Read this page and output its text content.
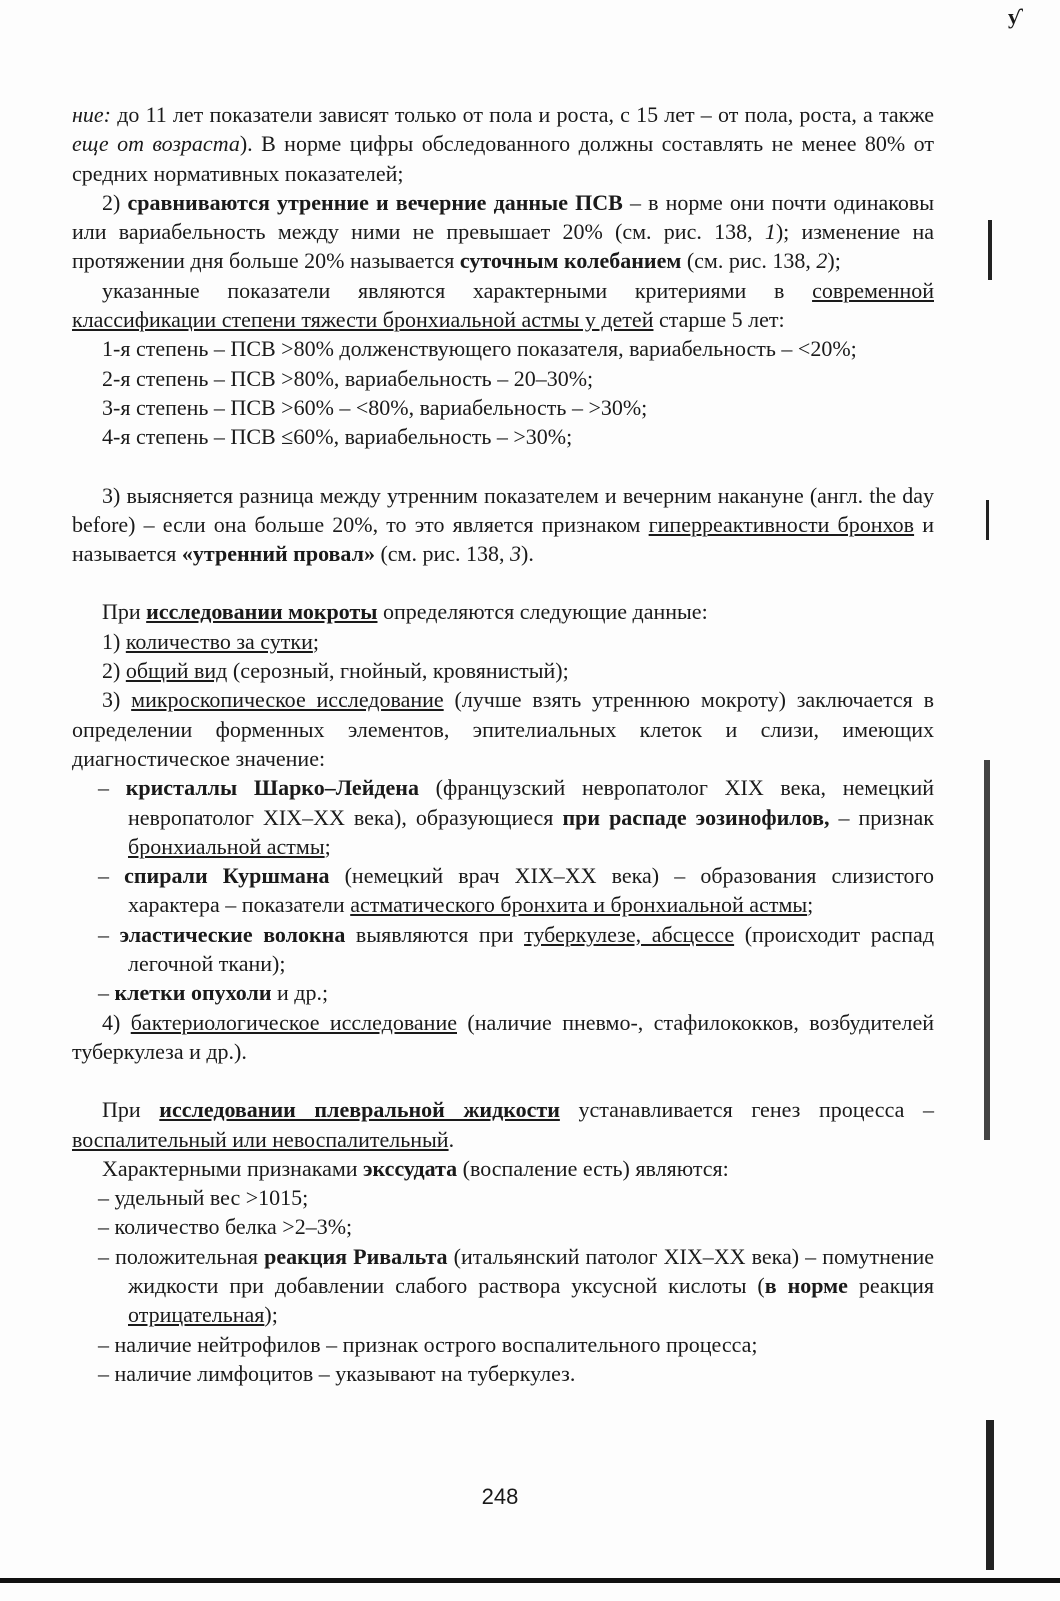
ƴ

ние: до 11 лет показатели зависят только от пола и роста, с 15 лет – от пола, роста, а также еще от возраста). В норме цифры обследованного должны составлять не менее 80% от средних нормативных показателей;

2) сравниваются утренние и вечерние данные ПСВ – в норме они почти одинаковы или вариабельность между ними не превышает 20% (см. рис. 138, 1); изменение на протяжении дня больше 20% называется суточным колебанием (см. рис. 138, 2);

указанные показатели являются характерными критериями в современной классификации степени тяжести бронхиальной астмы у детей старше 5 лет:

1-я степень – ПСВ >80% долженствующего показателя, вариабельность – <20%;

2-я степень – ПСВ >80%, вариабельность – 20–30%;

3-я степень – ПСВ >60% – <80%, вариабельность – >30%;

4-я степень – ПСВ ≤60%, вариабельность – >30%;

3) выясняется разница между утренним показателем и вечерним накануне (англ. the day before) – если она больше 20%, то это является признаком гиперреактивности бронхов и называется «утренний провал» (см. рис. 138, 3).

При исследовании мокроты определяются следующие данные:

1) количество за сутки;

2) общий вид (серозный, гнойный, кровянистый);

3) микроскопическое исследование (лучше взять утреннюю мокроту) заключается в определении форменных элементов, эпителиальных клеток и слизи, имеющих диагностическое значение:

– кристаллы Шарко–Лейдена (французский невропатолог XIX века, немецкий невропатолог XIX–XX века), образующиеся при распаде эозинофилов, – признак бронхиальной астмы;

– спирали Куршмана (немецкий врач XIX–XX века) – образования слизистого характера – показатели астматического бронхита и бронхиальной астмы;

– эластические волокна выявляются при туберкулезе, абсцессе (происходит распад легочной ткани);

– клетки опухоли и др.;

4) бактериологическое исследование (наличие пневмо-, стафилококков, возбудителей туберкулеза и др.).

При исследовании плевральной жидкости устанавливается генез процесса – воспалительный или невоспалительный.

Характерными признаками экссудата (воспаление есть) являются:

– удельный вес >1015;

– количество белка >2–3%;

– положительная реакция Ривальта (итальянский патолог XIX–XX века) – помутнение жидкости при добавлении слабого раствора уксусной кислоты (в норме реакция отрицательная);

– наличие нейтрофилов – признак острого воспалительного процесса;

– наличие лимфоцитов – указывают на туберкулез.

248
